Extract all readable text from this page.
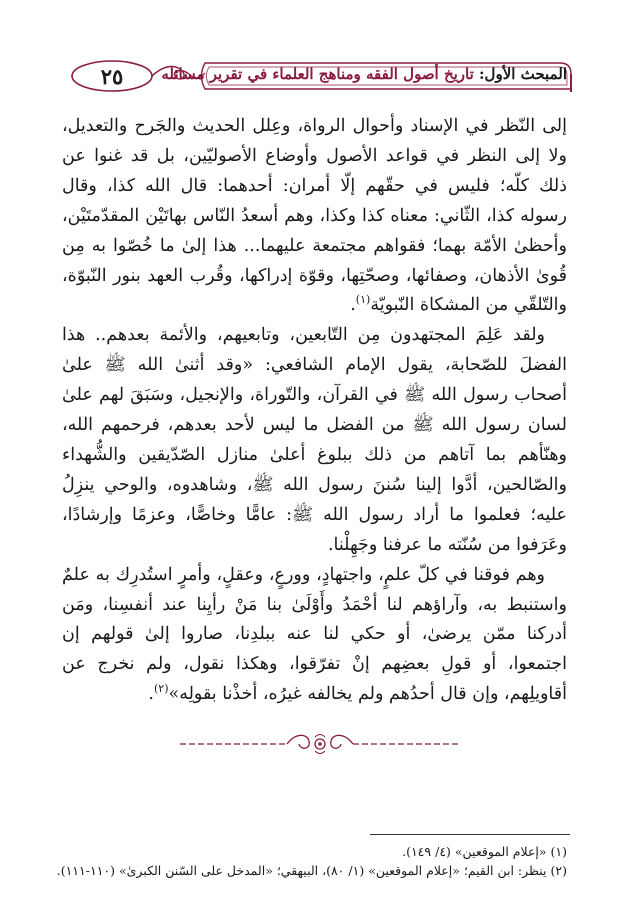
٢٥	المبحث الأول: تاريخ أصول الفقه ومناهج العلماء في تقرير مسائله

إلى النّظر في الإسناد وأحوال الرواة، وعِلل الحديث والجَرح والتعديل، ولا إلى النظر في قواعد الأصول وأوضاع الأصوليّين، بل قد غنوا عن ذلك كلّه؛ فليس في حقّهم إلّا أمران: أحدهما: قال الله كذا، وقال رسوله كذا، الثّاني: معناه كذا وكذا، وهم أسعدُ النّاس بهاتَيْن المقدّمتَيْن، وأحظىٰ الأمّة بهما؛ فقواهم مجتمعة عليهما... هذا إلىٰ ما خُصّوا به مِن قُوىٰ الأذهان، وصفائها، وصحّتِها، وقوّة إدراكها، وقُرب العهد بنور النّبوّة، والتّلقّي من المشكاة النّبويّة$^{(١)}$.

ولقد عَلِمَ المجتهدون مِن التّابعين، وتابعيهم، والأئمة بعدهم.. هذا الفضلَ للصّحابة، يقول الإمام الشافعي: «وقد أثنىٰ الله ﷺ علىٰ أصحاب رسول الله ﷺ في القرآن، والتّوراة، والإنجيل، وسَبَقَ لهم علىٰ لسان رسول الله ﷺ من الفضل ما ليس لأحد بعدهم، فرحمهم الله، وهنّأهم بما آتاهم من ذلك ببلوغ أعلىٰ منازل الصّدّيقين والشُّهداء والصّالحين، أدَّوا إلينا سُننَ رسول الله ﷺ، وشاهدوه، والوحي ينزِلُ عليه؛ فعلموا ما أراد رسول الله ﷺ: عامًّا وخاصًّا، وعزمًا وإرشادًا، وعَرَفوا من سُنّته ما عرفنا وجَهِلْنا.

وهم فوقنا في كلّ علمٍ، واجتهادٍ، وورعٍ، وعقلٍ، وأمرٍ استُدرِك به علمٌ واستنبط به، وآراؤهم لنا أحْمَدُ وأَوْلَىٰ بنا مَنْ رأيِنا عند أنفسِنا، ومَن أدركنا ممّن يرضىٰ، أو حكي لنا عنه ببلدِنا، صاروا إلىٰ قولهم إن اجتمعوا، أو قولِ بعضِهم إنْ تفرّقوا، وهكذا نقول، ولم نخرج عن أقاويلِهم، وإن قال أحدُهم ولم يخالفه غيرُه، أخذْنا بقولِه»$^{(٢)}$.

(١) «إعلام الموقعين» (٤/ ١٤٩).

(٢) ينظر: ابن القيم؛ «إعلام الموقعين» (١/ ٨٠)، البيهقي؛ «المدخل على السّنن الكبرىٰ» (١١٠-١١١).
